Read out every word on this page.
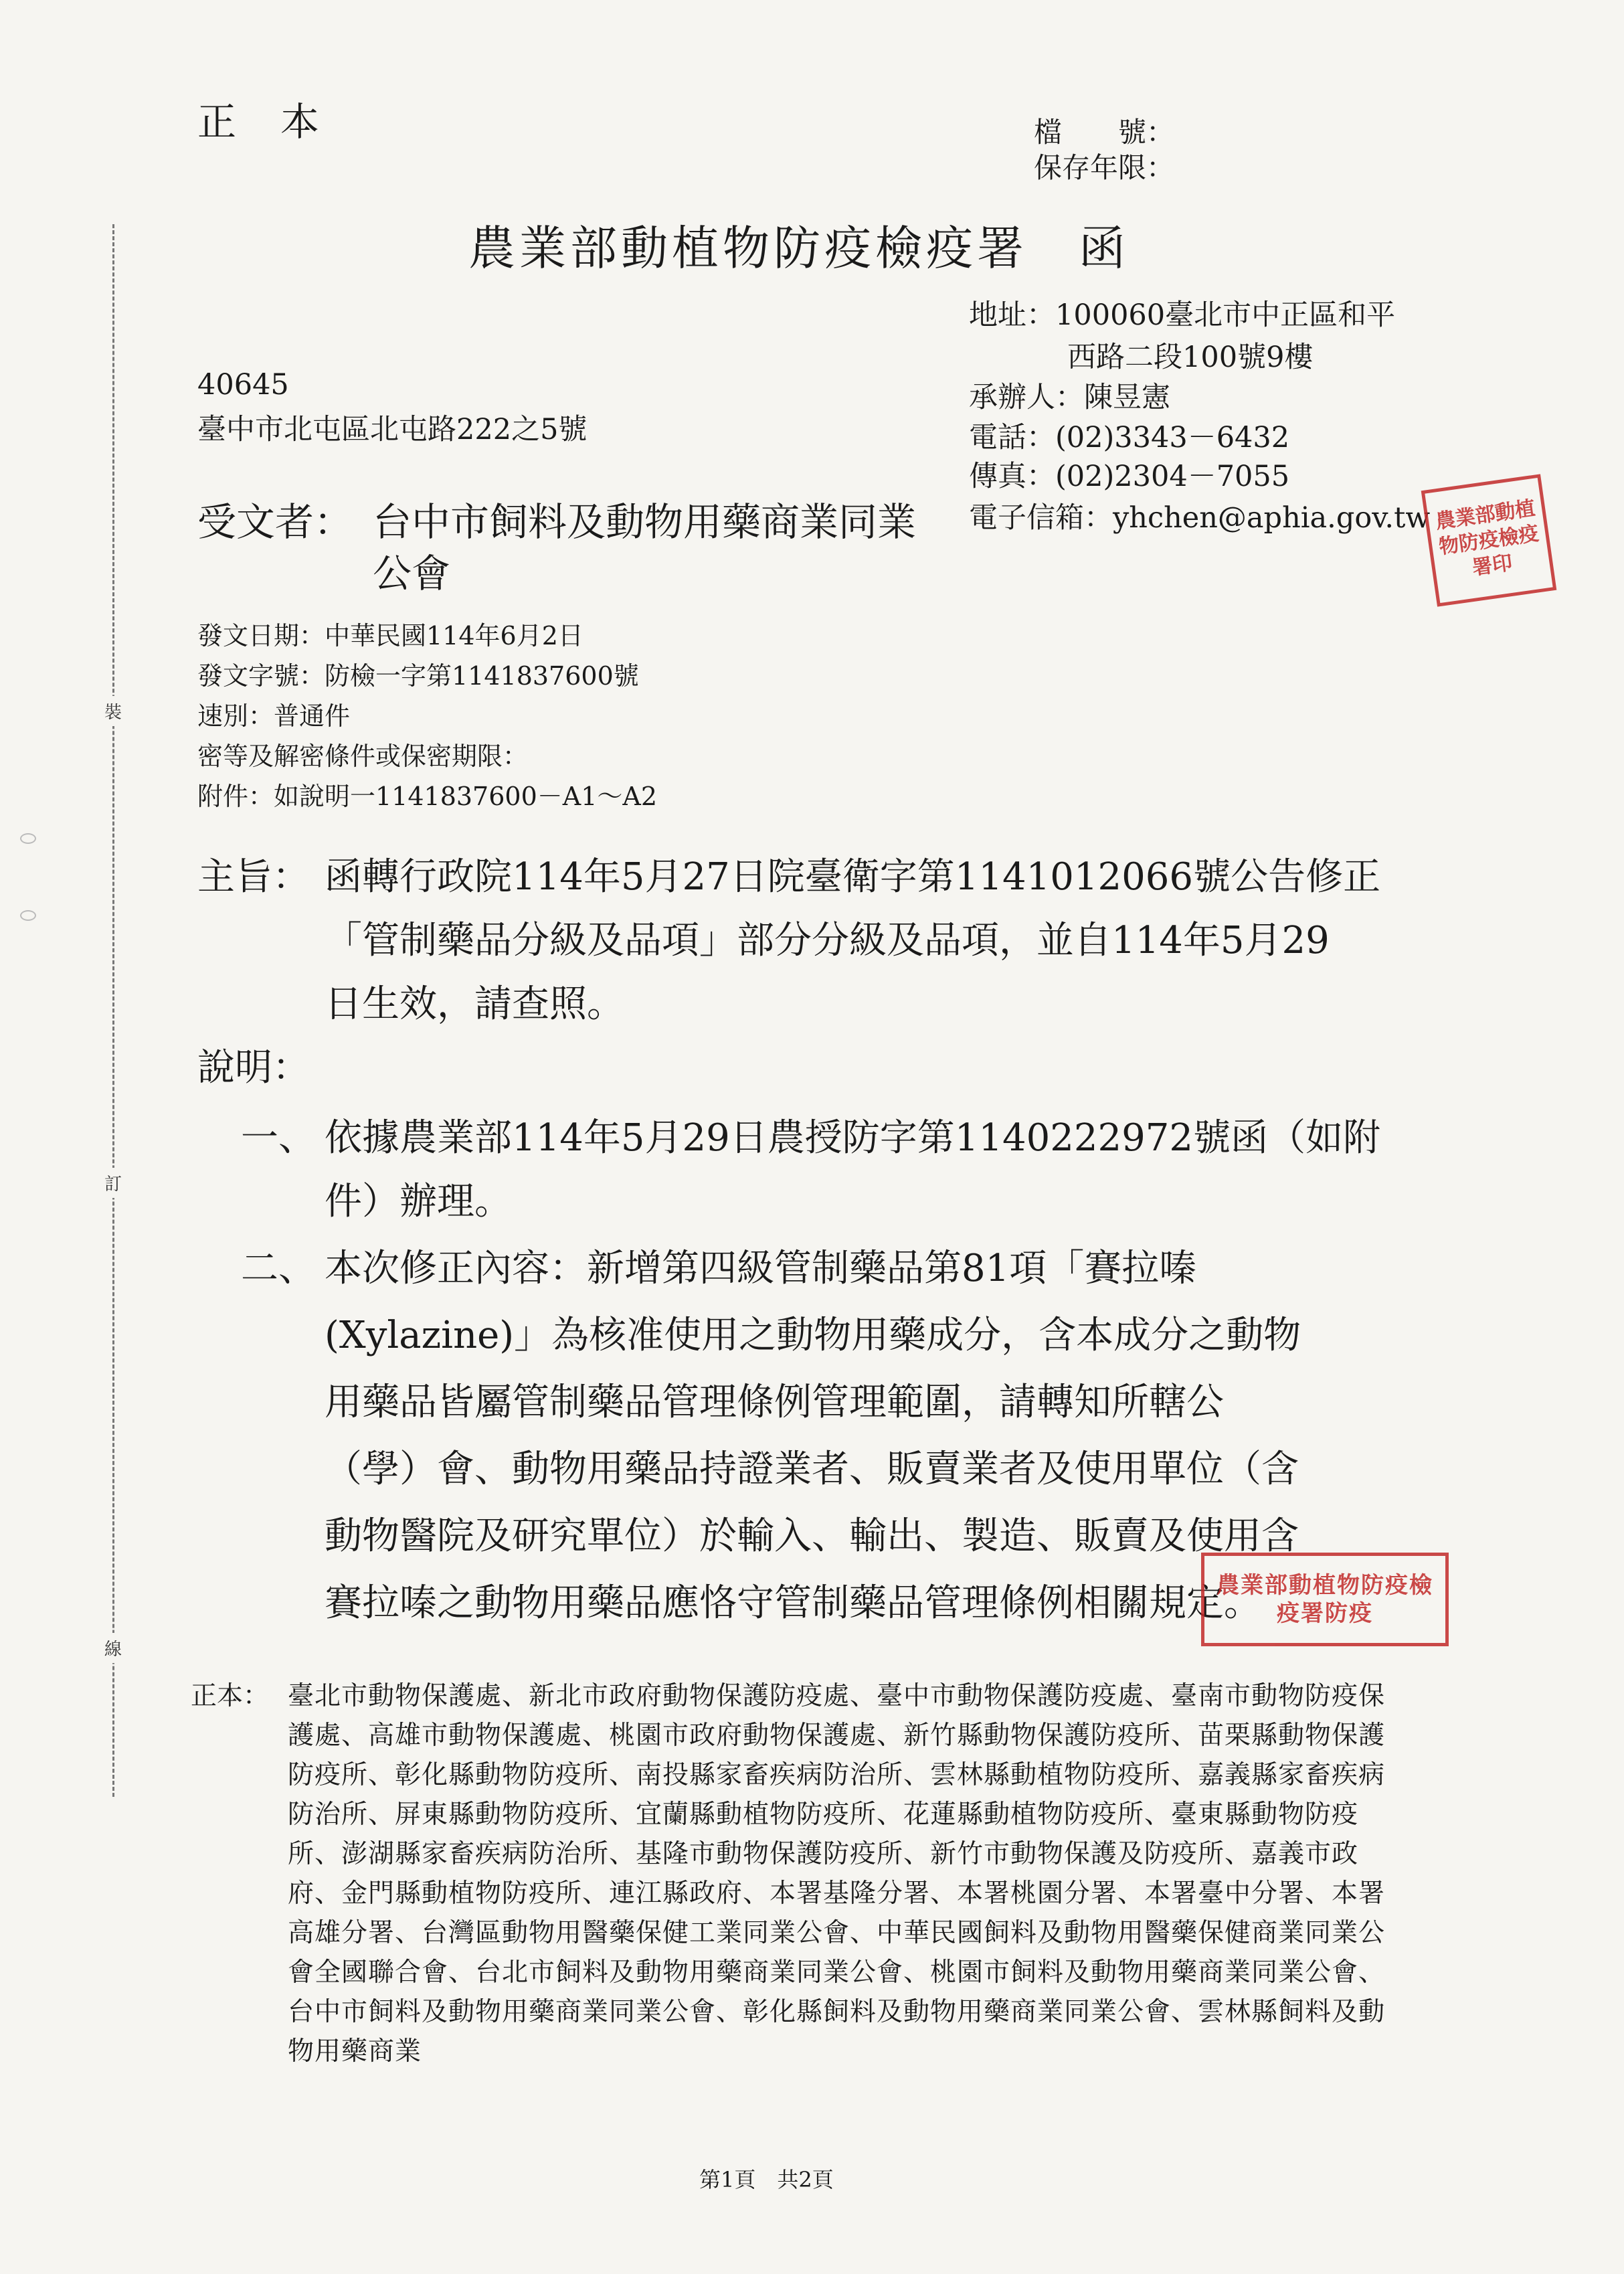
裝
訂
線
正　本	檔　　號：
保存年限：
農業部動植物防疫檢疫署　函
地址：100060臺北市中正區和平
西路二段100號9樓
承辦人：陳昱憲
電話：(02)3343－6432
傳真：(02)2304－7055
電子信箱：yhchen@aphia.gov.tw
40645
臺中市北屯區北屯路222之5號
受文者： 台中市飼料及動物用藥商業同業
公會
發文日期：中華民國114年6月2日
發文字號：防檢一字第1141837600號
速別：普通件
密等及解密條件或保密期限：
附件：如說明一1141837600－A1～A2
主旨： 函轉行政院114年5月27日院臺衛字第1141012066號公告修正
「管制藥品分級及品項」部分分級及品項，並自114年5月29
日生效，請查照。
說明：
一、 依據農業部114年5月29日農授防字第1140222972號函（如附
件）辦理。
二、 本次修正內容：新增第四級管制藥品第81項「賽拉嗪
(Xylazine)」為核准使用之動物用藥成分，含本成分之動物
用藥品皆屬管制藥品管理條例管理範圍，請轉知所轄公
（學）會、動物用藥品持證業者、販賣業者及使用單位（含
動物醫院及研究單位）於輸入、輸出、製造、販賣及使用含
賽拉嗪之動物用藥品應恪守管制藥品管理條例相關規定。
農業部動植物防疫檢疫署防疫
農業部動植物防疫檢疫署印
正本： 臺北市動物保護處、新北市政府動物保護防疫處、臺中市動物保護防疫處、臺南市動物防疫保護處、高雄市動物保護處、桃園市政府動物保護處、新竹縣動物保護防疫所、苗栗縣動物保護防疫所、彰化縣動物防疫所、南投縣家畜疾病防治所、雲林縣動植物防疫所、嘉義縣家畜疾病防治所、屏東縣動物防疫所、宜蘭縣動植物防疫所、花蓮縣動植物防疫所、臺東縣動物防疫所、澎湖縣家畜疾病防治所、基隆市動物保護防疫所、新竹市動物保護及防疫所、嘉義市政府、金門縣動植物防疫所、連江縣政府、本署基隆分署、本署桃園分署、本署臺中分署、本署高雄分署、台灣區動物用醫藥保健工業同業公會、中華民國飼料及動物用醫藥保健商業同業公會全國聯合會、台北市飼料及動物用藥商業同業公會、桃園市飼料及動物用藥商業同業公會、台中市飼料及動物用藥商業同業公會、彰化縣飼料及動物用藥商業同業公會、雲林縣飼料及動物用藥商業
第1頁　共2頁
